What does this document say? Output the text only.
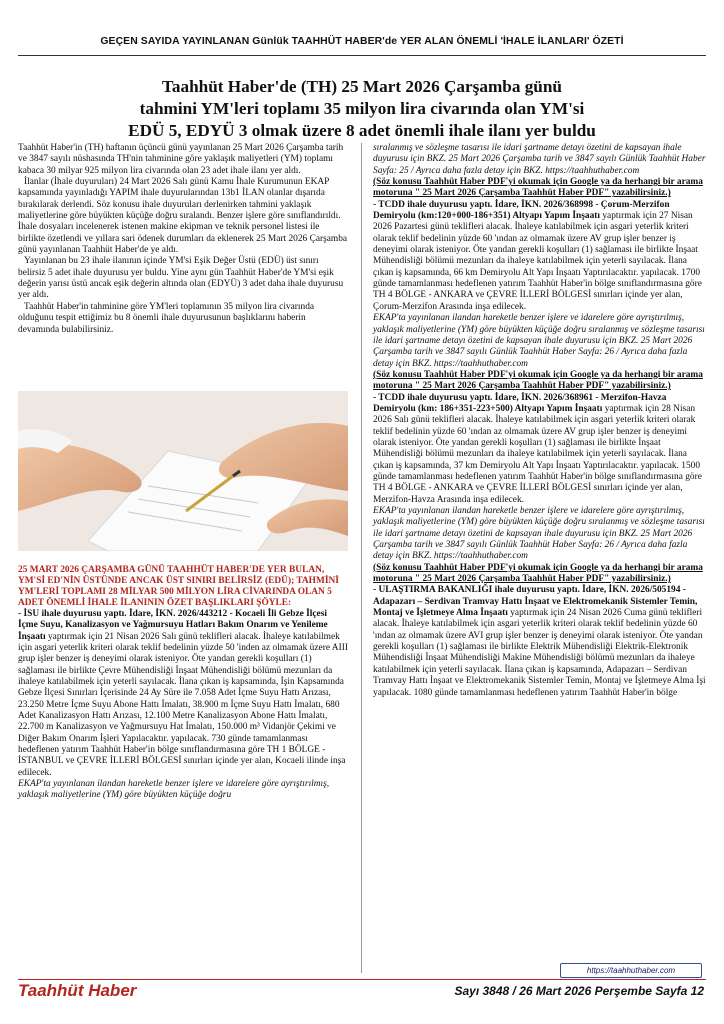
GEÇEN SAYIDA YAYINLANAN Günlük TAAHHÜT HABER'de YER ALAN ÖNEMLİ 'İHALE İLANLARI' ÖZETİ
Taahhüt Haber'de (TH) 25 Mart 2026 Çarşamba günü
tahmini YM'leri toplamı 35 milyon lira civarında olan YM'si
EDÜ 5, EDYÜ 3 olmak üzere 8 adet önemli ihale ilanı yer buldu

Taahhüt Haber'in (TH) haftanın üçüncü günü yayınlanan 25 Mart 2026 Çarşamba tarih ve 3847 sayılı nüshasında TH'nin tahminine göre yaklaşık maliyetleri (YM) toplamı kabaca 30 milyar 925 milyon lira civarında olan 23 adet ihale ilanı yer aldı.

İlanlar (İhale duyuruları) 24 Mart 2026 Salı günü Kamu İhale Kurumunun EKAP kapsamında yayınladığı YAPIM ihale duyurularından 13b1 İLAN olanlar dışarıda bırakılarak derlendi. Söz konusu ihale duyuruları derlenirken tahmini yaklaşık maliyetlerine göre büyükten küçüğe doğru sıralandı. Benzer işlere göre sınıflandırıldı. İhale dosyaları incelenerek istenen makine ekipman ve teknik personel listesi ile birlikte özetlendi ve yıllara sari ödenek durumları da eklenerek 25 Mart 2026 Çarşamba günü yayınlanan Taahhüt Haber'de ye aldı.

Yayınlanan bu 23 ihale ilanının içinde YM'si Eşik Değer Üstü (EDÜ) üst sınırı belirsiz 5 adet ihale duyurusu yer buldu. Yine aynı gün Taahhüt Haber'de YM'si eşik değerin yarısı üstü ancak eşik değerin altında olan (EDYÜ) 3 adet daha ihale duyurusu yer aldı.

Taahhüt Haber'in tahminine göre YM'leri toplamının 35 milyon lira civarında olduğunu tespit ettiğimiz bu 8 önemli ihale duyurusunun başlıklarını haberin devamında bulabilirsiniz.

25 MART 2026 ÇARŞAMBA GÜNÜ TAAHHÜT HABER'DE YER BULAN, YM'Sİ ED'NİN ÜSTÜNDE ANCAK ÜST SINIRI BELİRSİZ (EDÜ); TAHMİNİ YM'LERİ TOPLAMI 28 MİLYAR 500 MİLYON LİRA CİVARINDA OLAN 5 ADET ÖNEMLİ İHALE İLANININ ÖZET BAŞLIKLARI ŞÖYLE:

- İSU ihale duyurusu yaptı. İdare, İKN. 2026/443212 - Kocaeli İli Gebze İlçesi İçme Suyu, Kanalizasyon ve Yağmursuyu Hatları Bakım Onarım ve Yenileme İnşaatı yaptırmak için 21 Nisan 2026 Salı günü teklifleri alacak. İhaleye katılabilmek için asgari yeterlik kriteri olarak teklif bedelinin yüzde 50 'inden az olmamak üzere AIII grup işler benzer iş deneyimi olarak isteniyor. Öte yandan gerekli koşulları (1) sağlaması ile birlikte Çevre Mühendisliği İnşaat Mühendisliği bölümü mezunları da ihaleye katılabilmek için yeterli sayılacak. İlana çıkan iş kapsamında, İşin Kapsamında Gebze İlçesi Sınırları İçerisinde 24 Ay Süre ile 7.058 Adet İçme Suyu Hattı Arızası, 23.250 Metre İçme Suyu Abone Hattı İmalatı, 38.900 m İçme Suyu Hattı İmalatı, 680 Adet Kanalizasyon Hattı Arızası, 12.100 Metre Kanalizasyon Abone Hattı İmalatı, 22.700 m Kanalizasyon ve Yağmursuyu Hat İmalatı, 150.000 m³ Vidanjör Çekimi ve Diğer Bakım Onarım İşleri Yapılacaktır. yapılacak. 730 günde tamamlanması hedeflenen yatırım Taahhüt Haber'in bölge sınıflandırmasına göre TH 1 BÖLGE - İSTANBUL ve ÇEVRE İLLERİ BÖLGESİ sınırları içinde yer alan, Kocaeli ilinde inşa edilecek.

EKAP'ta yayınlanan ilandan hareketle benzer işlere ve idarelere göre ayrıştırılmış, yaklaşık maliyetlerine (YM) göre büyükten küçüğe doğru

sıralanmış ve sözleşme tasarısı ile idari şartname detayı özetini de kapsayan ihale duyurusu için BKZ. 25 Mart 2026 Çarşamba tarih ve 3847 sayılı Günlük Taahhüt Haber Sayfa: 25 / Ayrıca daha fazla detay için BKZ. https://taahhuthaber.com

(Söz konusu Taahhüt Haber PDF'yi okumak için Google ya da herhangi bir arama motoruna " 25 Mart 2026 Çarşamba Taahhüt Haber PDF" yazabilirsiniz.)

- TCDD ihale duyurusu yaptı. İdare, İKN. 2026/368998 - Çorum-Merzifon Demiryolu (km:120+000-186+351) Altyapı Yapım İnşaatı yaptırmak için 27 Nisan 2026 Pazartesi günü teklifleri alacak. İhaleye katılabilmek için asgari yeterlik kriteri olarak teklif bedelinin yüzde 60 'ından az olmamak üzere AV grup işler benzer iş deneyimi olarak isteniyor. Öte yandan gerekli koşulları (1) sağlaması ile birlikte İnşaat Mühendisliği bölümü mezunları da ihaleye katılabilmek için yeterli sayılacak. İlana çıkan iş kapsamında, 66 km Demiryolu Alt Yapı İnşaatı Yaptırılacaktır. yapılacak. 1700 günde tamamlanması hedeflenen yatırım Taahhüt Haber'in bölge sınıflandırmasına göre TH 4 BÖLGE - ANKARA ve ÇEVRE İLLERİ BÖLGESİ sınırları içinde yer alan, Çorum-Merzifon Arasında inşa edilecek.

EKAP'ta yayınlanan ilandan hareketle benzer işlere ve idarelere göre ayrıştırılmış, yaklaşık maliyetlerine (YM) göre büyükten küçüğe doğru sıralanmış ve sözleşme tasarısı ile idari şartname detayı özetini de kapsayan ihale duyurusu için BKZ. 25 Mart 2026 Çarşamba tarih ve 3847 sayılı Günlük Taahhüt Haber Sayfa: 26 / Ayrıca daha fazla detay için BKZ. https://taahhuthaber.com

(Söz konusu Taahhüt Haber PDF'yi okumak için Google ya da herhangi bir arama motoruna " 25 Mart 2026 Çarşamba Taahhüt Haber PDF" yazabilirsiniz.)

- TCDD ihale duyurusu yaptı. İdare, İKN. 2026/368961 - Merzifon-Havza Demiryolu (km: 186+351-223+500) Altyapı Yapım İnşaatı yaptırmak için 28 Nisan 2026 Salı günü teklifleri alacak. İhaleye katılabilmek için asgari yeterlik kriteri olarak teklif bedelinin yüzde 60 'ından az olmamak üzere AV grup işler benzer iş deneyimi olarak isteniyor. Öte yandan gerekli koşulları (1) sağlaması ile birlikte İnşaat Mühendisliği bölümü mezunları da ihaleye katılabilmek için yeterli sayılacak. İlana çıkan iş kapsamında, 37 km Demiryolu Alt Yapı İnşaatı Yaptırılacaktır. yapılacak. 1500 günde tamamlanması hedeflenen yatırım Taahhüt Haber'in bölge sınıflandırmasına göre TH 4 BÖLGE - ANKARA ve ÇEVRE İLLERİ BÖLGESİ sınırları içinde yer alan, Merzifon-Havza Arasında inşa edilecek.

EKAP'ta yayınlanan ilandan hareketle benzer işlere ve idarelere göre ayrıştırılmış, yaklaşık maliyetlerine (YM) göre büyükten küçüğe doğru sıralanmış ve sözleşme tasarısı ile idari şartname detayı özetini de kapsayan ihale duyurusu için BKZ. 25 Mart 2026 Çarşamba tarih ve 3847 sayılı Günlük Taahhüt Haber Sayfa: 26 / Ayrıca daha fazla detay için BKZ. https://taahhuthaber.com

(Söz konusu Taahhüt Haber PDF'yi okumak için Google ya da herhangi bir arama motoruna " 25 Mart 2026 Çarşamba Taahhüt Haber PDF" yazabilirsiniz.)

- ULAŞTIRMA BAKANLIĞI ihale duyurusu yaptı. İdare, İKN. 2026/505194 - Adapazarı – Serdivan Tramvay Hattı İnşaat ve Elektromekanik Sistemler Temin, Montaj ve İşletmeye Alma İnşaatı yaptırmak için 24 Nisan 2026 Cuma günü teklifleri alacak. İhaleye katılabilmek için asgari yeterlik kriteri olarak teklif bedelinin yüzde 60 'ından az olmamak üzere AVI grup işler benzer iş deneyimi olarak isteniyor. Öte yandan gerekli koşulları (1) sağlaması ile birlikte Elektrik Mühendisliği Elektrik-Elektronik Mühendisliği İnşaat Mühendisliği Makine Mühendisliği bölümü mezunları da ihaleye katılabilmek için yeterli sayılacak. İlana çıkan iş kapsamında, Adapazarı – Serdivan Tramvay Hattı İnşaat ve Elektromekanik Sistemler Temin, Montaj ve İşletmeye Alma İşi yapılacak. 1080 günde tamamlanması hedeflenen yatırım Taahhüt Haber'in bölge

https://taahhuthaber.com
Taahhüt Haber	Sayı 3848 / 26 Mart 2026 Perşembe Sayfa 12
